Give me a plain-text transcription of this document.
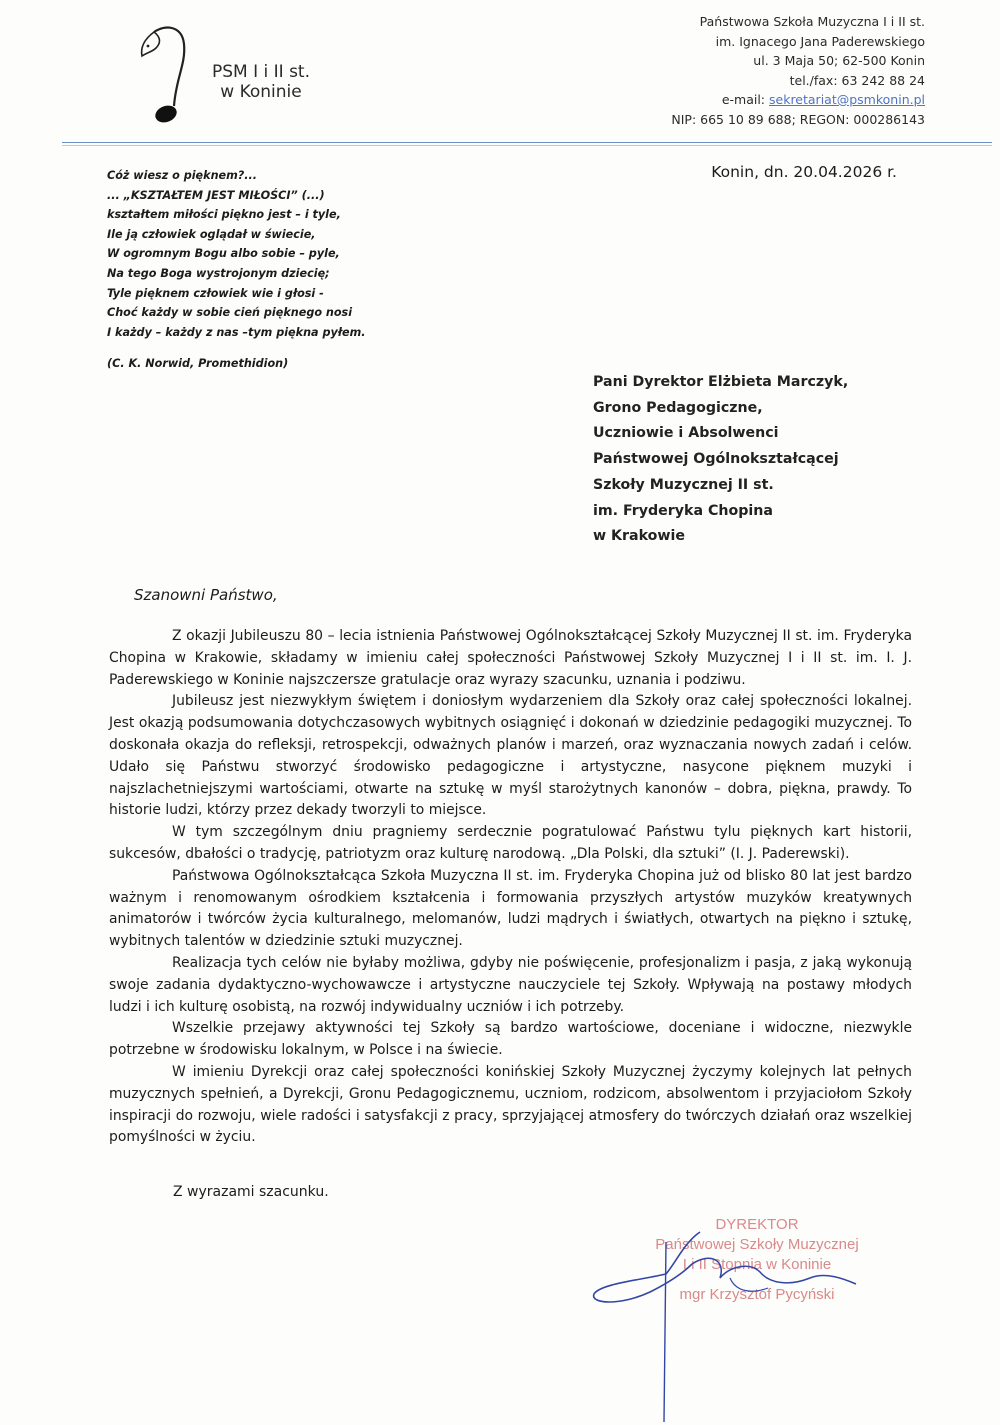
PSM I i II st.
w Koninie
Państwowa Szkoła Muzyczna I i II st.
im. Ignacego Jana Paderewskiego
ul. 3 Maja 50; 62-500 Konin
tel./fax: 63 242 88 24
e-mail: sekretariat@psmkonin.pl
NIP: 665 10 89 688; REGON: 000286143
Konin, dn. 20.04.2026 r.
Cóż wiesz o pięknem?...
... „KSZTAŁTEM JEST MIŁOŚCI” (...)
kształtem miłości piękno jest – i tyle,
Ile ją człowiek oglądał w świecie,
W ogromnym Bogu albo sobie – pyle,
Na tego Boga wystrojonym dziecię;
Tyle pięknem człowiek wie i głosi -
Choć każdy w sobie cień pięknego nosi
I każdy – każdy z nas –tym piękna pyłem.
(C. K. Norwid, Promethidion)
Pani Dyrektor Elżbieta Marczyk,
Grono Pedagogiczne,
Uczniowie i Absolwenci
Państwowej Ogólnokształcącej
Szkoły Muzycznej II st.
im. Fryderyka Chopina
w Krakowie
Szanowni Państwo,

Z okazji Jubileuszu 80 – lecia istnienia Państwowej Ogólnokształcącej Szkoły Muzycznej II st. im. Fryderyka Chopina w Krakowie, składamy w imieniu całej społeczności Państwowej Szkoły Muzycznej I i II st. im. I. J. Paderewskiego w Koninie najszczersze gratulacje oraz wyrazy szacunku, uznania i podziwu.

Jubileusz jest niezwykłym świętem i doniosłym wydarzeniem dla Szkoły oraz całej społeczności lokalnej. Jest okazją podsumowania dotychczasowych wybitnych osiągnięć i dokonań w dziedzinie pedagogiki muzycznej. To doskonała okazja do refleksji, retrospekcji, odważnych planów i marzeń, oraz wyznaczania nowych zadań i celów. Udało się Państwu stworzyć środowisko pedagogiczne i artystyczne, nasycone pięknem muzyki i najszlachetniejszymi wartościami, otwarte na sztukę w myśl starożytnych kanonów – dobra, piękna, prawdy. To historie ludzi, którzy przez dekady tworzyli to miejsce.

W tym szczególnym dniu pragniemy serdecznie pogratulować Państwu tylu pięknych kart historii, sukcesów, dbałości o tradycję, patriotyzm oraz kulturę narodową. „Dla Polski, dla sztuki” (I. J. Paderewski).

Państwowa Ogólnokształcąca Szkoła Muzyczna II st. im. Fryderyka Chopina już od blisko 80 lat jest bardzo ważnym i renomowanym ośrodkiem kształcenia i formowania przyszłych artystów muzyków kreatywnych animatorów i twórców życia kulturalnego, melomanów, ludzi mądrych i światłych, otwartych na piękno i sztukę, wybitnych talentów w dziedzinie sztuki muzycznej.

Realizacja tych celów nie byłaby możliwa, gdyby nie poświęcenie, profesjonalizm i pasja, z jaką wykonują swoje zadania dydaktyczno-wychowawcze i artystyczne nauczyciele tej Szkoły. Wpływają na postawy młodych ludzi i ich kulturę osobistą, na rozwój indywidualny uczniów i ich potrzeby.

Wszelkie przejawy aktywności tej Szkoły są bardzo wartościowe, doceniane i widoczne, niezwykle potrzebne w środowisku lokalnym, w Polsce i na świecie.

W imieniu Dyrekcji oraz całej społeczności konińskiej Szkoły Muzycznej życzymy kolejnych lat pełnych muzycznych spełnień, a Dyrekcji, Gronu Pedagogicznemu, uczniom, rodzicom, absolwentom i przyjaciołom Szkoły inspiracji do rozwoju, wiele radości i satysfakcji z pracy, sprzyjającej atmosfery do twórczych działań oraz wszelkiej pomyślności w życiu.

Z wyrazami szacunku.
DYREKTOR
Państwowej Szkoły Muzycznej
I i II Stopnia w Koninie
mgr Krzysztof Pycyński
